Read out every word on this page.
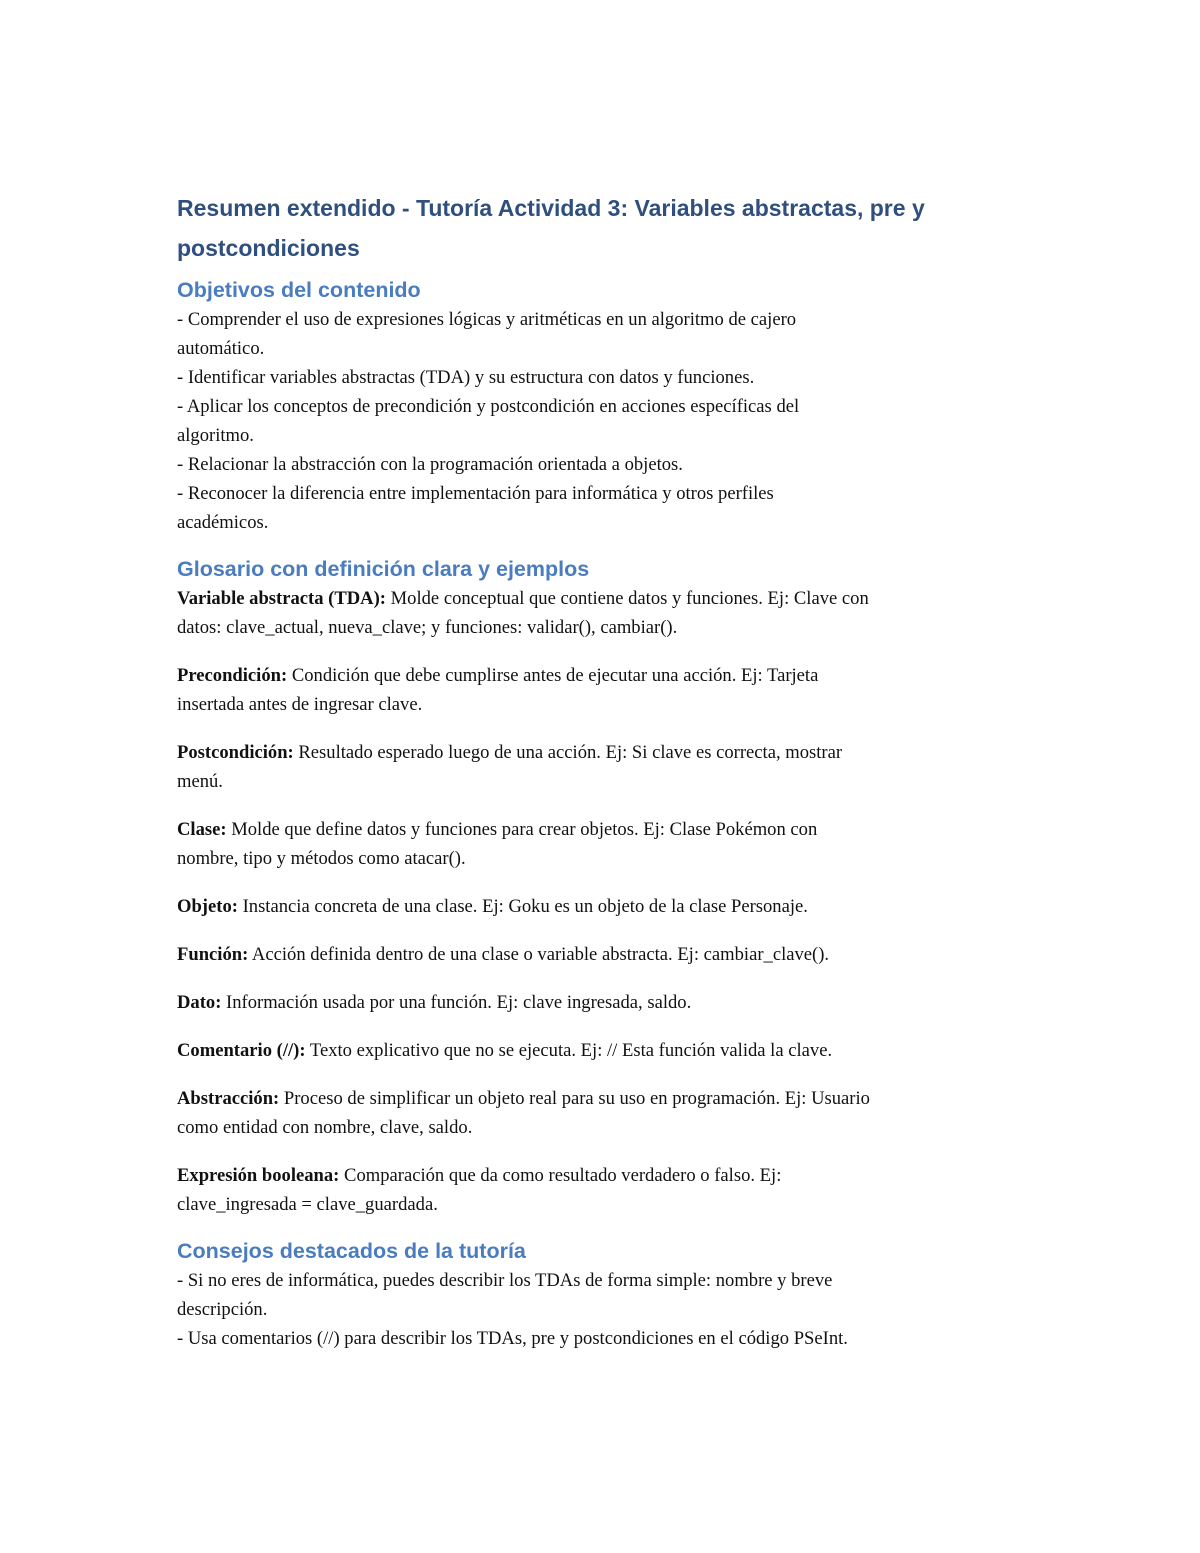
Resumen extendido - Tutoría Actividad 3: Variables abstractas, pre y
postcondiciones
Objetivos del contenido
- Comprender el uso de expresiones lógicas y aritméticas en un algoritmo de cajero
automático.
- Identificar variables abstractas (TDA) y su estructura con datos y funciones.
- Aplicar los conceptos de precondición y postcondición en acciones específicas del
algoritmo.
- Relacionar la abstracción con la programación orientada a objetos.
- Reconocer la diferencia entre implementación para informática y otros perfiles
académicos.
Glosario con definición clara y ejemplos

Variable abstracta (TDA): Molde conceptual que contiene datos y funciones. Ej: Clave con
datos: clave_actual, nueva_clave; y funciones: validar(), cambiar().

Precondición: Condición que debe cumplirse antes de ejecutar una acción. Ej: Tarjeta
insertada antes de ingresar clave.

Postcondición: Resultado esperado luego de una acción. Ej: Si clave es correcta, mostrar
menú.

Clase: Molde que define datos y funciones para crear objetos. Ej: Clase Pokémon con
nombre, tipo y métodos como atacar().

Objeto: Instancia concreta de una clase. Ej: Goku es un objeto de la clase Personaje.

Función: Acción definida dentro de una clase o variable abstracta. Ej: cambiar_clave().

Dato: Información usada por una función. Ej: clave ingresada, saldo.

Comentario (//): Texto explicativo que no se ejecuta. Ej: // Esta función valida la clave.

Abstracción: Proceso de simplificar un objeto real para su uso en programación. Ej: Usuario
como entidad con nombre, clave, saldo.

Expresión booleana: Comparación que da como resultado verdadero o falso. Ej:
clave_ingresada = clave_guardada.

Consejos destacados de la tutoría
- Si no eres de informática, puedes describir los TDAs de forma simple: nombre y breve
descripción.
- Usa comentarios (//) para describir los TDAs, pre y postcondiciones en el código PSeInt.
